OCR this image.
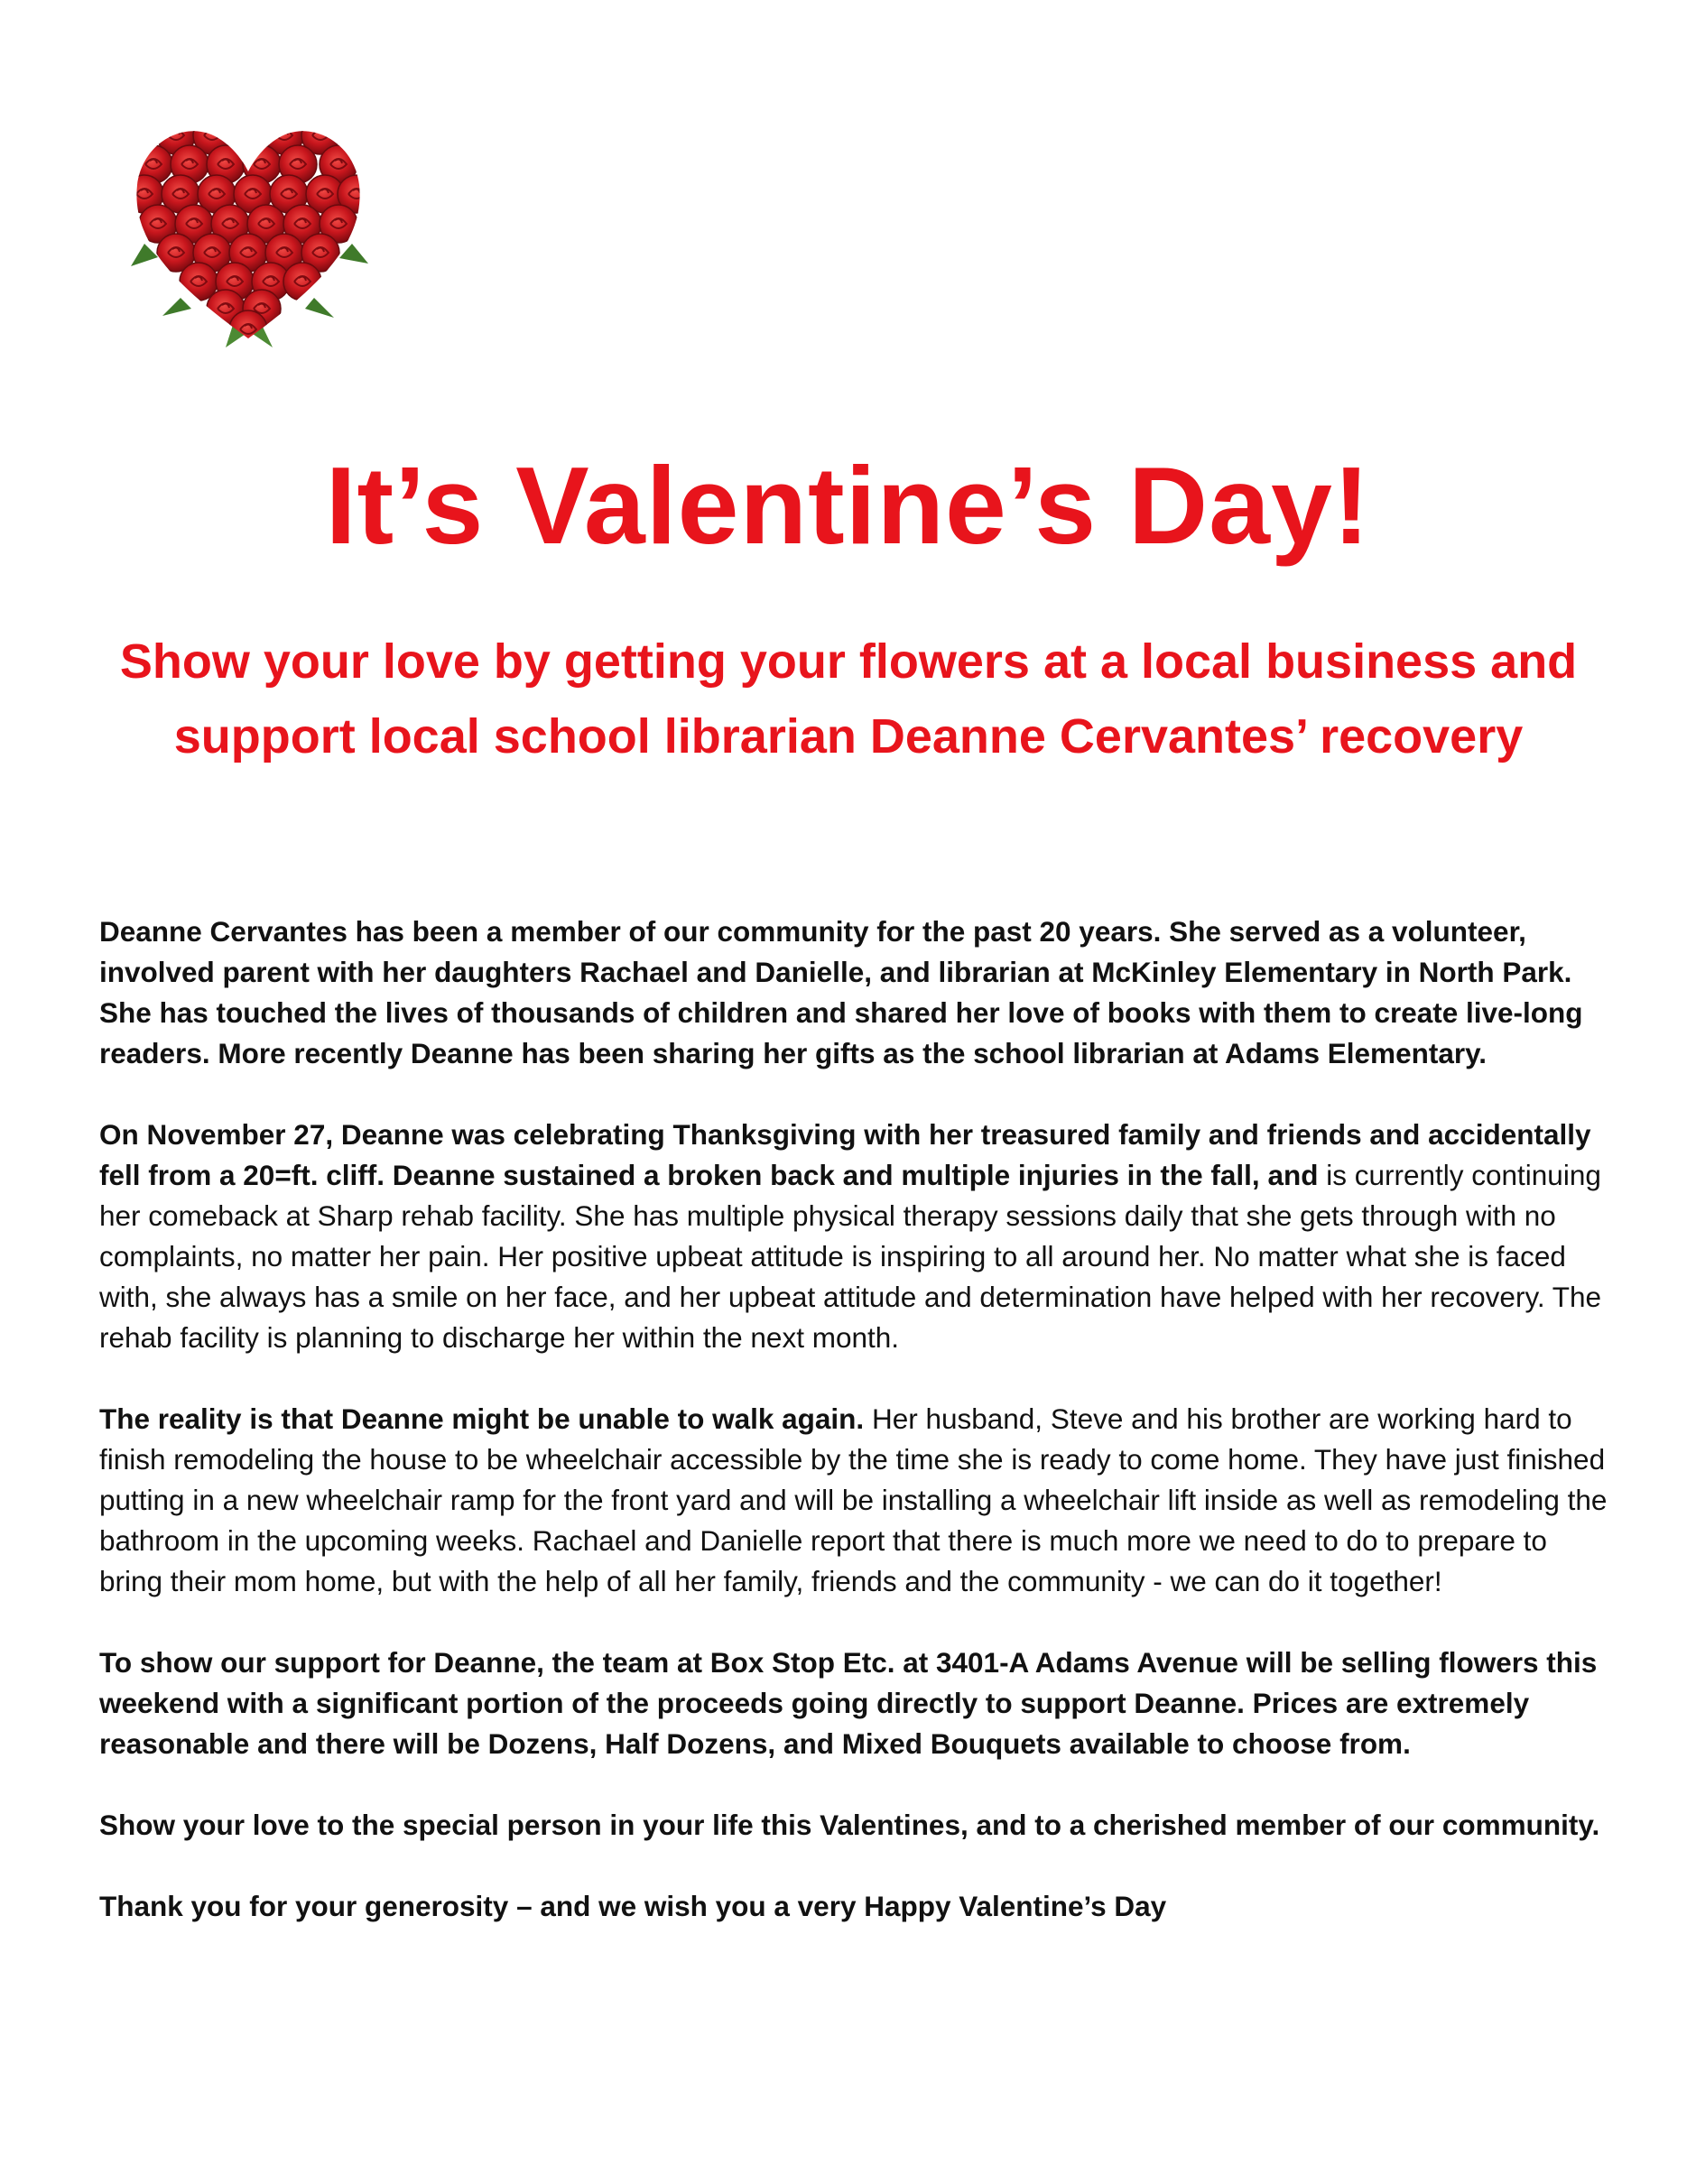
It’s Valentine’s Day!
Show your love by getting your flowers at a local business and support local school librarian Deanne Cervantes’ recovery

Deanne Cervantes has been a member of our community for the past 20 years. She served as a volunteer, involved parent with her daughters Rachael and Danielle, and librarian at McKinley Elementary in North Park. She has touched the lives of thousands of children and shared her love of books with them to create live-long readers. More recently Deanne has been sharing her gifts as the school librarian at Adams Elementary.

On November 27, Deanne was celebrating Thanksgiving with her treasured family and friends and accidentally fell from a 20=ft. cliff. Deanne sustained a broken back and multiple injuries in the fall, and is currently continuing her comeback at Sharp rehab facility. She has multiple physical therapy sessions daily that she gets through with no complaints, no matter her pain. Her positive upbeat attitude is inspiring to all around her. No matter what she is faced with, she always has a smile on her face, and her upbeat attitude and determination have helped with her recovery. The rehab facility is planning to discharge her within the next month.

The reality is that Deanne might be unable to walk again. Her husband, Steve and his brother are working hard to finish remodeling the house to be wheelchair accessible by the time she is ready to come home. They have just finished putting in a new wheelchair ramp for the front yard and will be installing a wheelchair lift inside as well as remodeling the bathroom in the upcoming weeks. Rachael and Danielle report that there is much more we need to do to prepare to bring their mom home, but with the help of all her family, friends and the community - we can do it together!

To show our support for Deanne, the team at Box Stop Etc. at 3401-A Adams Avenue will be selling flowers this weekend with a significant portion of the proceeds going directly to support Deanne. Prices are extremely reasonable and there will be Dozens, Half Dozens, and Mixed Bouquets available to choose from.

Show your love to the special person in your life this Valentines, and to a cherished member of our community.

Thank you for your generosity – and we wish you a very Happy Valentine’s Day
